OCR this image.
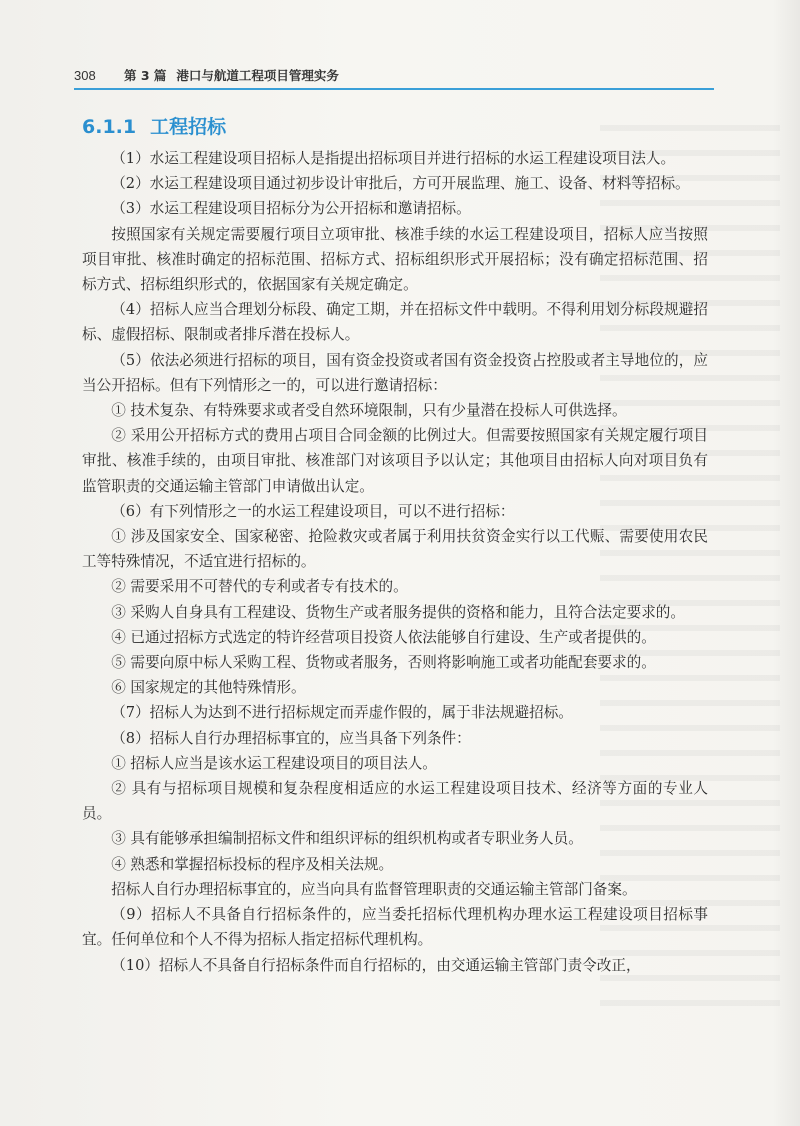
308	第 3 篇 港口与航道工程项目管理实务
6.1.1 工程招标

（1）水运工程建设项目招标人是指提出招标项目并进行招标的水运工程建设项目法人。

（2）水运工程建设项目通过初步设计审批后，方可开展监理、施工、设备、材料等招标。

（3）水运工程建设项目招标分为公开招标和邀请招标。

按照国家有关规定需要履行项目立项审批、核准手续的水运工程建设项目，招标人应当按照项目审批、核准时确定的招标范围、招标方式、招标组织形式开展招标；没有确定招标范围、招标方式、招标组织形式的，依据国家有关规定确定。

（4）招标人应当合理划分标段、确定工期，并在招标文件中载明。不得利用划分标段规避招标、虚假招标、限制或者排斥潜在投标人。

（5）依法必须进行招标的项目，国有资金投资或者国有资金投资占控股或者主导地位的，应当公开招标。但有下列情形之一的，可以进行邀请招标：

① 技术复杂、有特殊要求或者受自然环境限制，只有少量潜在投标人可供选择。

② 采用公开招标方式的费用占项目合同金额的比例过大。但需要按照国家有关规定履行项目审批、核准手续的，由项目审批、核准部门对该项目予以认定；其他项目由招标人向对项目负有监管职责的交通运输主管部门申请做出认定。

（6）有下列情形之一的水运工程建设项目，可以不进行招标：

① 涉及国家安全、国家秘密、抢险救灾或者属于利用扶贫资金实行以工代赈、需要使用农民工等特殊情况，不适宜进行招标的。

② 需要采用不可替代的专利或者专有技术的。

③ 采购人自身具有工程建设、货物生产或者服务提供的资格和能力，且符合法定要求的。

④ 已通过招标方式选定的特许经营项目投资人依法能够自行建设、生产或者提供的。

⑤ 需要向原中标人采购工程、货物或者服务，否则将影响施工或者功能配套要求的。

⑥ 国家规定的其他特殊情形。

（7）招标人为达到不进行招标规定而弄虚作假的，属于非法规避招标。

（8）招标人自行办理招标事宜的，应当具备下列条件：

① 招标人应当是该水运工程建设项目的项目法人。

② 具有与招标项目规模和复杂程度相适应的水运工程建设项目技术、经济等方面的专业人员。

③ 具有能够承担编制招标文件和组织评标的组织机构或者专职业务人员。

④ 熟悉和掌握招标投标的程序及相关法规。

招标人自行办理招标事宜的，应当向具有监督管理职责的交通运输主管部门备案。

（9）招标人不具备自行招标条件的，应当委托招标代理机构办理水运工程建设项目招标事宜。任何单位和个人不得为招标人指定招标代理机构。

（10）招标人不具备自行招标条件而自行招标的，由交通运输主管部门责令改正，
